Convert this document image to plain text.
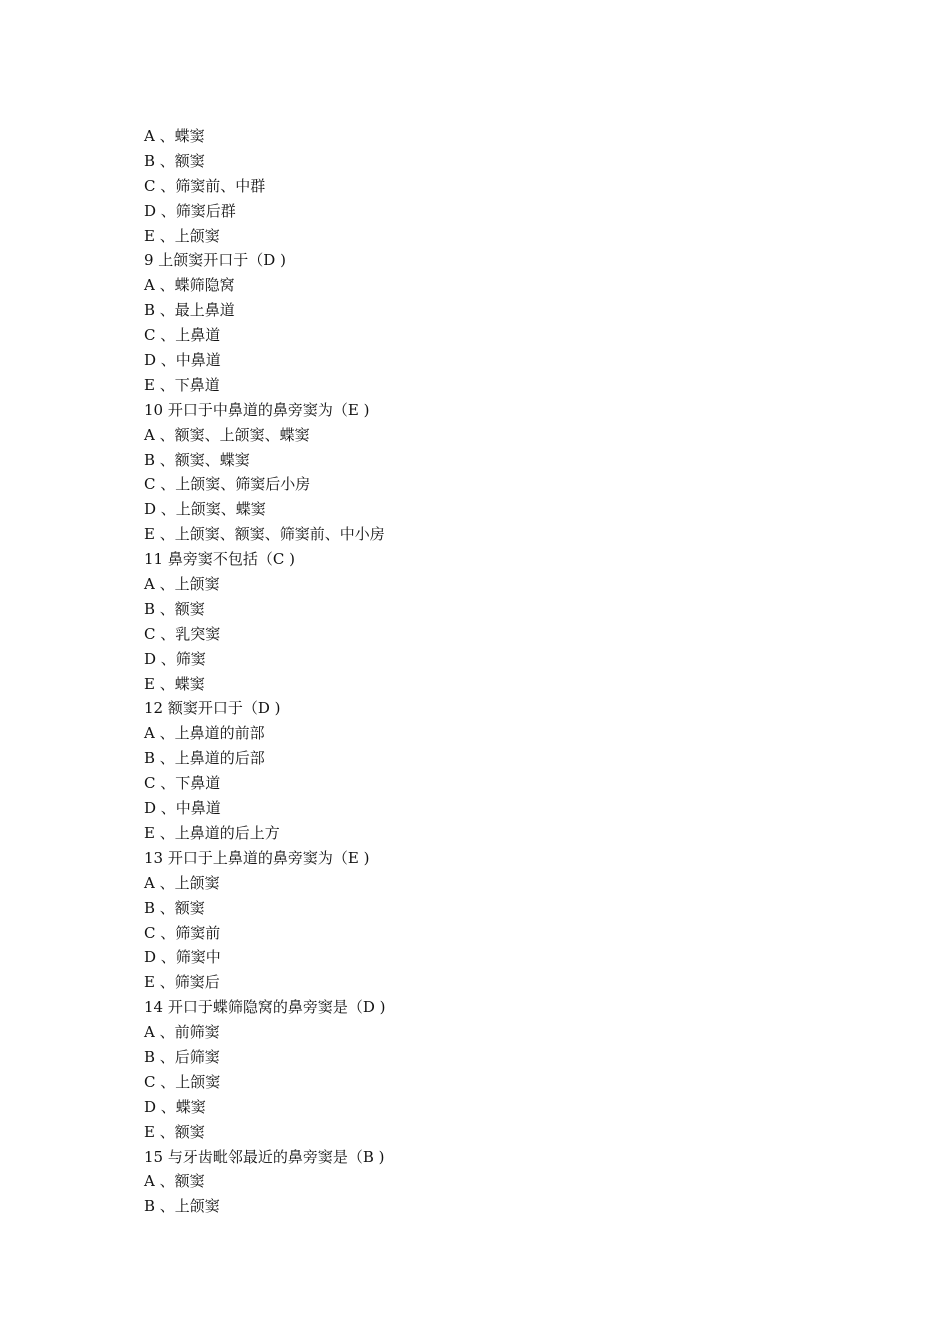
A 、蝶窦
B 、额窦
C 、筛窦前、中群
D 、筛窦后群
E 、上颌窦
9 上颌窦开口于（D )
A 、蝶筛隐窝
B 、最上鼻道
C 、上鼻道
D 、中鼻道
E 、下鼻道
10 开口于中鼻道的鼻旁窦为（E )
A 、额窦、上颌窦、蝶窦
B 、额窦、蝶窦
C 、上颌窦、筛窦后小房
D 、上颌窦、蝶窦
E 、上颌窦、额窦、筛窦前、中小房
11 鼻旁窦不包括（C )
A 、上颌窦
B 、额窦
C 、乳突窦
D 、筛窦
E 、蝶窦
12 额窦开口于（D )
A 、上鼻道的前部
B 、上鼻道的后部
C 、下鼻道
D 、中鼻道
E 、上鼻道的后上方
13 开口于上鼻道的鼻旁窦为（E )
A 、上颌窦
B 、额窦
C 、筛窦前
D 、筛窦中
E 、筛窦后
14 开口于蝶筛隐窝的鼻旁窦是（D )
A 、前筛窦
B 、后筛窦
C 、上颌窦
D 、蝶窦
E 、额窦
15 与牙齿毗邻最近的鼻旁窦是（B )
A 、额窦
B 、上颌窦
